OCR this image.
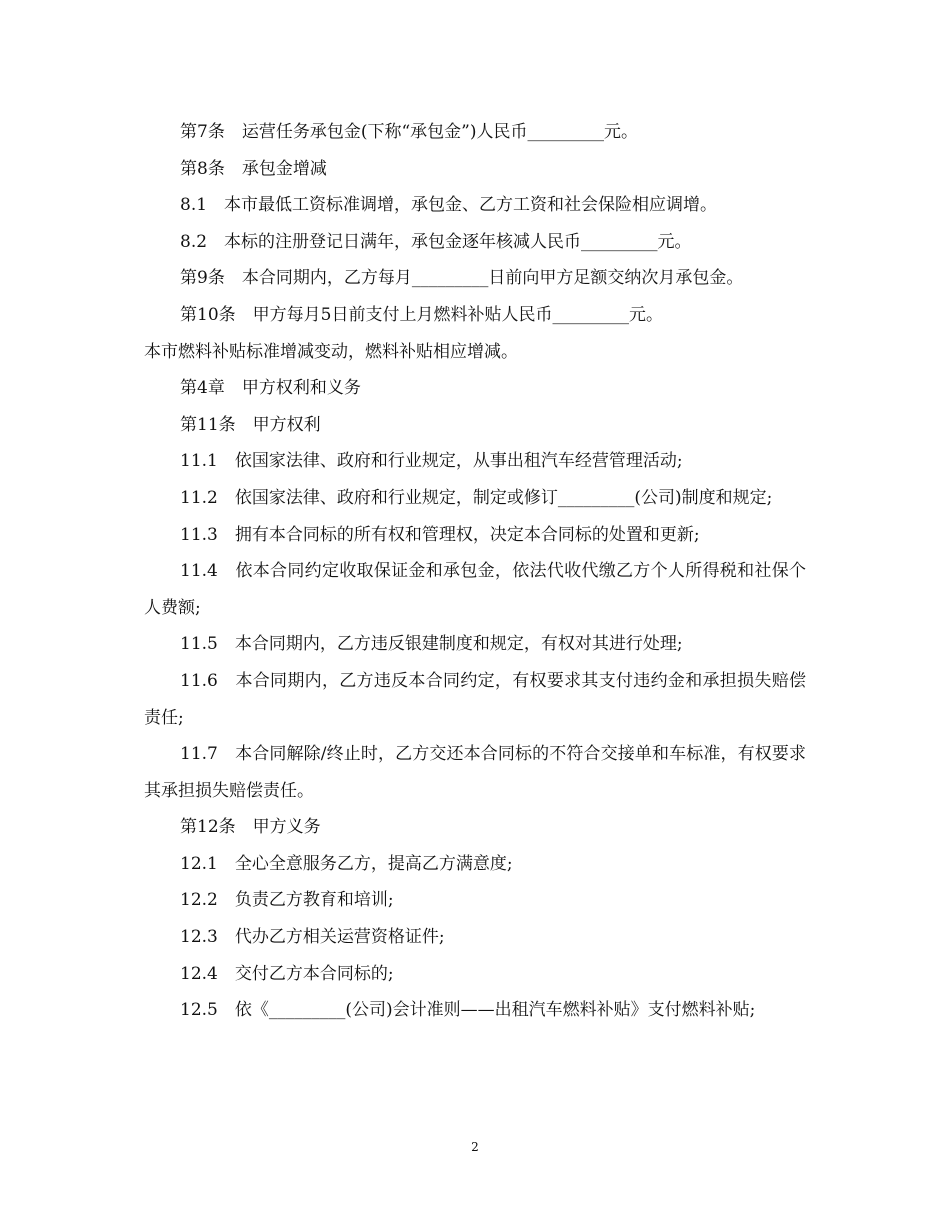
第7条　运营任务承包金(下称“承包金”)人民币_________元。

第8条　承包金增减

8.1　本市最低工资标准调增，承包金、乙方工资和社会保险相应调增。

8.2　本标的注册登记日满年，承包金逐年核减人民币_________元。

第9条　本合同期内，乙方每月_________日前向甲方足额交纳次月承包金。

第10条　甲方每月5日前支付上月燃料补贴人民币_________元。

本市燃料补贴标准增减变动，燃料补贴相应增减。

第4章　甲方权利和义务

第11条　甲方权利

11.1　依国家法律、政府和行业规定，从事出租汽车经营管理活动;

11.2　依国家法律、政府和行业规定，制定或修订_________(公司)制度和规定;

11.3　拥有本合同标的所有权和管理权，决定本合同标的处置和更新;

11.4　依本合同约定收取保证金和承包金，依法代收代缴乙方个人所得税和社保个人费额;

11.5　本合同期内，乙方违反银建制度和规定，有权对其进行处理;

11.6　本合同期内，乙方违反本合同约定，有权要求其支付违约金和承担损失赔偿责任;

11.7　本合同解除/终止时，乙方交还本合同标的不符合交接单和车标准，有权要求其承担损失赔偿责任。

第12条　甲方义务

12.1　全心全意服务乙方，提高乙方满意度;

12.2　负责乙方教育和培训;

12.3　代办乙方相关运营资格证件;

12.4　交付乙方本合同标的;

12.5　依《_________(公司)会计准则——出租汽车燃料补贴》支付燃料补贴;

2
